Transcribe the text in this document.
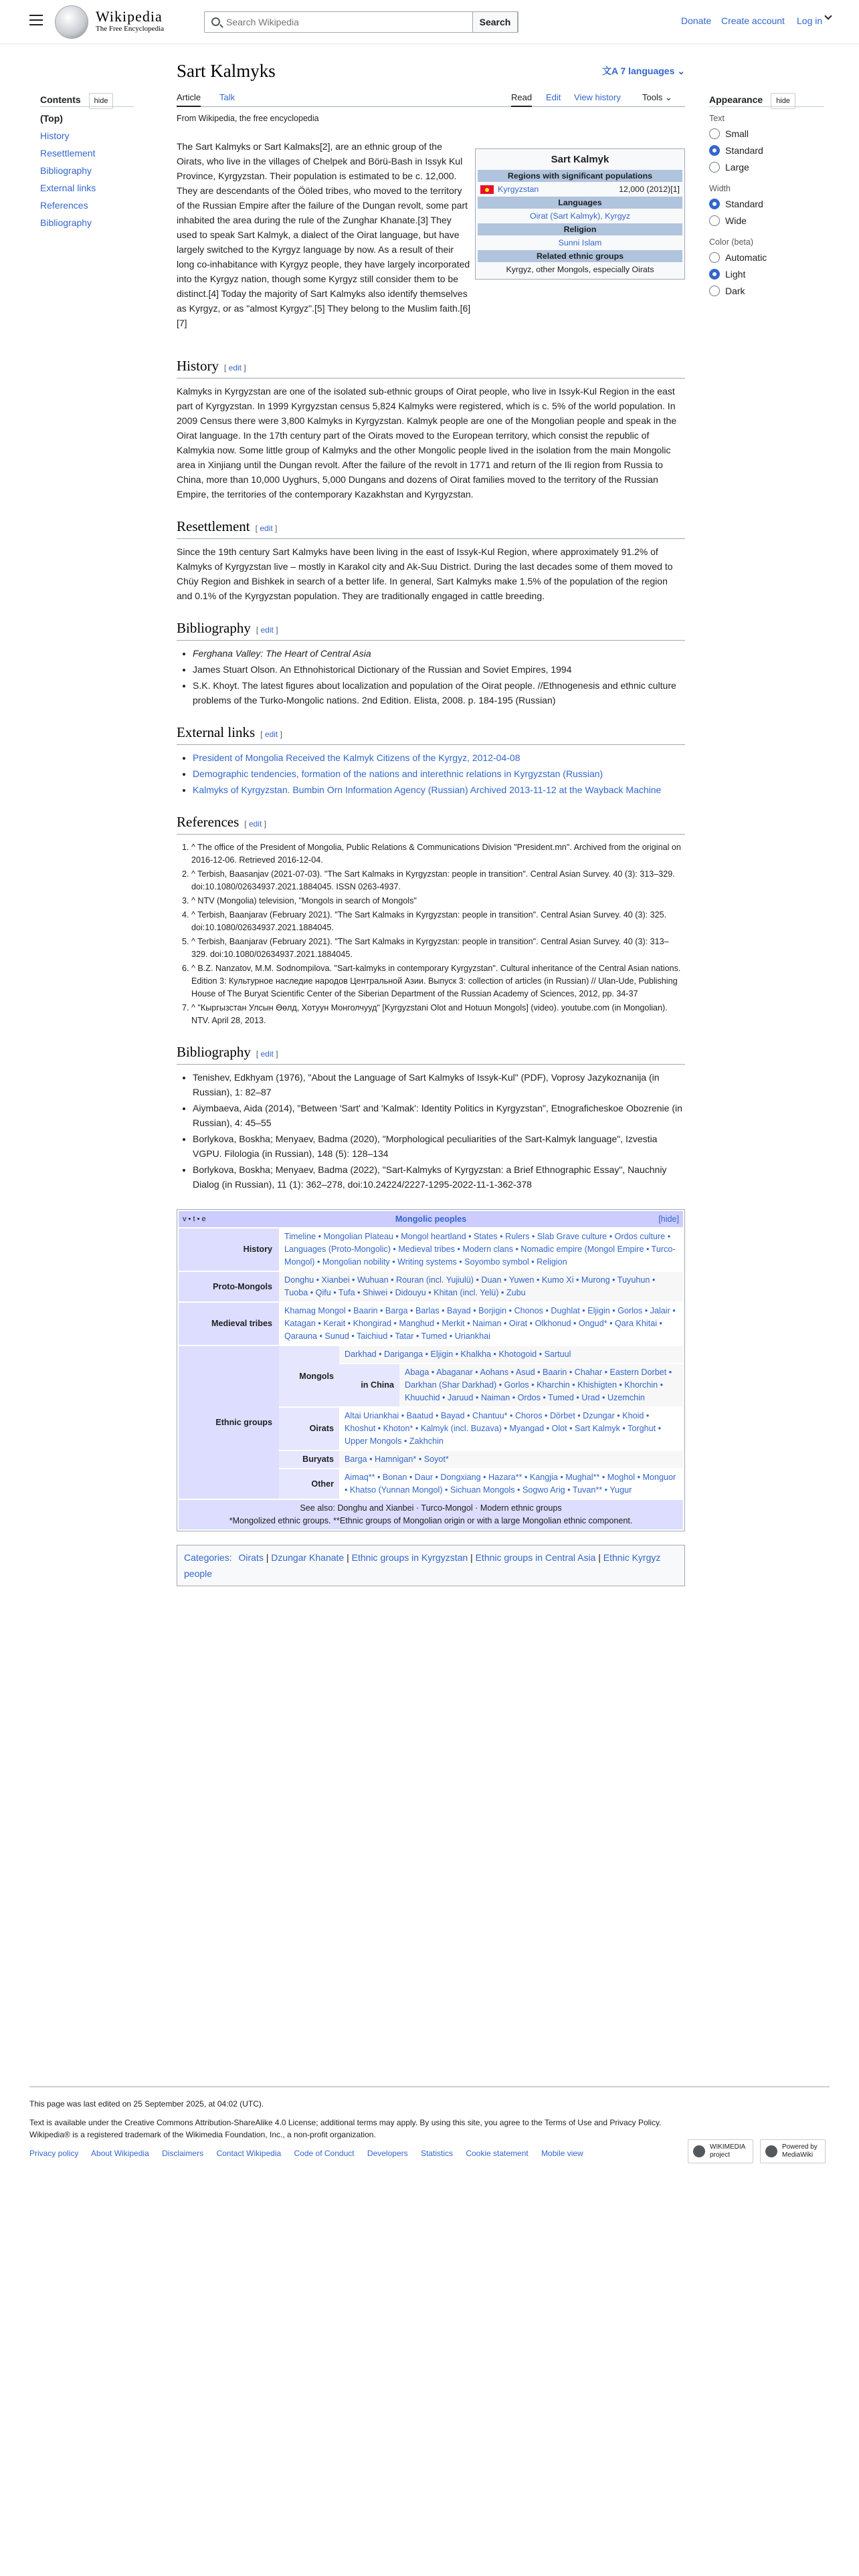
Wikipedia
The Free Encyclopedia
Search Wikipedia
Search	Donate Create account Log in
Contents hide
(Top)
History
Resettlement
Bibliography
External links
References
Bibliography
Appearance hide
Text
Small
Standard
Large
Width
Standard
Wide
Color (beta)
Automatic
Light
Dark
Sart Kalmyks	文A 7 languages ⌄
Article Talk	Read Edit View history Tools ⌄
From Wikipedia, the free encyclopedia
Sart Kalmyk
Regions with significant populations
Kyrgyzstan	12,000 (2012)[1]
Languages
Oirat (Sart Kalmyk), Kyrgyz
Religion
Sunni Islam
Related ethnic groups
Kyrgyz, other Mongols, especially Oirats

The Sart Kalmyks or Sart Kalmaks[2], are an ethnic group of the Oirats, who live in the villages of Chelpek and Börü-Bash in Issyk Kul Province, Kyrgyzstan. Their population is estimated to be c. 12,000. They are descendants of the Ööled tribes, who moved to the territory of the Russian Empire after the failure of the Dungan revolt, some part inhabited the area during the rule of the Zunghar Khanate.[3] They used to speak Sart Kalmyk, a dialect of the Oirat language, but have largely switched to the Kyrgyz language by now. As a result of their long co-inhabitance with Kyrgyz people, they have largely incorporated into the Kyrgyz nation, though some Kyrgyz still consider them to be distinct.[4] Today the majority of Sart Kalmyks also identify themselves as Kyrgyz, or as "almost Kyrgyz".[5] They belong to the Muslim faith.[6][7]

History [ edit ]

Kalmyks in Kyrgyzstan are one of the isolated sub-ethnic groups of Oirat people, who live in Issyk-Kul Region in the east part of Kyrgyzstan. In 1999 Kyrgyzstan census 5,824 Kalmyks were registered, which is c. 5% of the world population. In 2009 Census there were 3,800 Kalmyks in Kyrgyzstan. Kalmyk people are one of the Mongolian people and speak in the Oirat language. In the 17th century part of the Oirats moved to the European territory, which consist the republic of Kalmykia now. Some little group of Kalmyks and the other Mongolic people lived in the isolation from the main Mongolic area in Xinjiang until the Dungan revolt. After the failure of the revolt in 1771 and return of the Ili region from Russia to China, more than 10,000 Uyghurs, 5,000 Dungans and dozens of Oirat families moved to the territory of the Russian Empire, the territories of the contemporary Kazakhstan and Kyrgyzstan.

Resettlement [ edit ]

Since the 19th century Sart Kalmyks have been living in the east of Issyk-Kul Region, where approximately 91.2% of Kalmyks of Kyrgyzstan live – mostly in Karakol city and Ak-Suu District. During the last decades some of them moved to Chüy Region and Bishkek in search of a better life. In general, Sart Kalmyks make 1.5% of the population of the region and 0.1% of the Kyrgyzstan population. They are traditionally engaged in cattle breeding.

Bibliography [ edit ]
• Ferghana Valley: The Heart of Central Asia
• James Stuart Olson. An Ethnohistorical Dictionary of the Russian and Soviet Empires, 1994
• S.K. Khoyt. The latest figures about localization and population of the Oirat people. //Ethnogenesis and ethnic culture problems of the Turko-Mongolic nations. 2nd Edition. Elista, 2008. p. 184-195 (Russian)
External links [ edit ]
• President of Mongolia Received the Kalmyk Citizens of the Kyrgyz, 2012-04-08
• Demographic tendencies, formation of the nations and interethnic relations in Kyrgyzstan (Russian)
• Kalmyks of Kyrgyzstan. Bumbin Orn Information Agency (Russian) Archived 2013-11-12 at the Wayback Machine
References [ edit ]
1. ^ The office of the President of Mongolia, Public Relations & Communications Division "President.mn". Archived from the original on 2016-12-06. Retrieved 2016-12-04.
2. ^ Terbish, Baasanjav (2021-07-03). "The Sart Kalmaks in Kyrgyzstan: people in transition". Central Asian Survey. 40 (3): 313–329. doi:10.1080/02634937.2021.1884045. ISSN 0263-4937.
3. ^ NTV (Mongolia) television, "Mongols in search of Mongols"
4. ^ Terbish, Baanjarav (February 2021). "The Sart Kalmaks in Kyrgyzstan: people in transition". Central Asian Survey. 40 (3): 325. doi:10.1080/02634937.2021.1884045.
5. ^ Terbish, Baanjarav (February 2021). "The Sart Kalmaks in Kyrgyzstan: people in transition". Central Asian Survey. 40 (3): 313–329. doi:10.1080/02634937.2021.1884045.
6. ^ B.Z. Nanzatov, M.M. Sodnompilova. "Sart-kalmyks in contemporary Kyrgyzstan". Cultural inheritance of the Central Asian nations. Edition 3: Культурное наследие народов Центральной Азии. Выпуск 3: collection of articles (in Russian) // Ulan-Ude, Publishing House of The Buryat Scientific Center of the Siberian Department of the Russian Academy of Sciences, 2012, pp. 34-37
7. ^ "Кыргызстан Улсын Өөлд, Хотуун Монголчууд" [Kyrgyzstani Olot and Hotuun Mongols] (video). youtube.com (in Mongolian). NTV. April 28, 2013.
Bibliography [ edit ]
• Tenishev, Edkhyam (1976), "About the Language of Sart Kalmyks of Issyk-Kul" (PDF), Voprosy Jazykoznanija (in Russian), 1: 82–87
• Aiymbaeva, Aida (2014), "Between 'Sart' and 'Kalmak': Identity Politics in Kyrgyzstan", Etnograficheskoe Obozrenie (in Russian), 4: 45–55
• Borlykova, Boskha; Menyaev, Badma (2020), "Morphological peculiarities of the Sart-Kalmyk language", Izvestia VGPU. Filologia (in Russian), 148 (5): 128–134
• Borlykova, Boskha; Menyaev, Badma (2022), "Sart-Kalmyks of Kyrgyzstan: a Brief Ethnographic Essay", Nauchniy Dialog (in Russian), 11 (1): 362–278, doi:10.24224/2227-1295-2022-11-1-362-378
v • t • e	Mongolic peoples	[hide]
History
Timeline • Mongolian Plateau • Mongol heartland • States • Rulers • Slab Grave culture • Ordos culture • Languages (Proto-Mongolic) • Medieval tribes • Modern clans • Nomadic empire (Mongol Empire • Turco-Mongol) • Mongolian nobility • Writing systems • Soyombo symbol • Religion
Proto-Mongols
Donghu • Xianbei • Wuhuan • Rouran (incl. Yujiulü) • Duan • Yuwen • Kumo Xi • Murong • Tuyuhun • Tuoba • Qifu • Tufa • Shiwei • Didouyu • Khitan (incl. Yelü) • Zubu
Medieval tribes
Khamag Mongol • Baarin • Barga • Barlas • Bayad • Borjigin • Chonos • Dughlat • Eljigin • Gorlos • Jalair • Katagan • Kerait • Khongirad • Manghud • Merkit • Naiman • Oirat • Olkhonud • Ongud* • Qara Khitai • Qarauna • Sunud • Taichiud • Tatar • Tumed • Uriankhai
Ethnic groups
Mongols
Darkhad • Dariganga • Eljigin • Khalkha • Khotogoid • Sartuul
in China
Abaga • Abaganar • Aohans • Asud • Baarin • Chahar • Eastern Dorbet • Darkhan (Shar Darkhad) • Gorlos • Kharchin • Khishigten • Khorchin • Khuuchid • Jaruud • Naiman • Ordos • Tumed • Urad • Uzemchin
Oirats
Altai Uriankhai • Baatud • Bayad • Chantuu* • Choros • Dörbet • Dzungar • Khoid • Khoshut • Khoton* • Kalmyk (incl. Buzava) • Myangad • Olot • Sart Kalmyk • Torghut • Upper Mongols • Zakhchin
Buryats	Barga • Hamnigan* • Soyot*
Other
Aimaq** • Bonan • Daur • Dongxiang • Hazara** • Kangjia • Mughal** • Moghol • Monguor • Khatso (Yunnan Mongol) • Sichuan Mongols • Sogwo Arig • Tuvan** • Yugur
See also: Donghu and Xianbei · Turco-Mongol · Modern ethnic groups
*Mongolized ethnic groups. **Ethnic groups of Mongolian origin or with a large Mongolian ethnic component.
Categories: Oirats | Dzungar Khanate | Ethnic groups in Kyrgyzstan | Ethnic groups in Central Asia | Ethnic Kyrgyz people
This page was last edited on 25 September 2025, at 04:02 (UTC).
Text is available under the Creative Commons Attribution-ShareAlike 4.0 License; additional terms may apply. By using this site, you agree to the Terms of Use and Privacy Policy. Wikipedia® is a registered trademark of the Wikimedia Foundation, Inc., a non-profit organization.
Privacy policy About Wikipedia Disclaimers Contact Wikipedia Code of Conduct Developers Statistics Cookie statement Mobile view
WIKIMEDIA project
Powered by MediaWiki
